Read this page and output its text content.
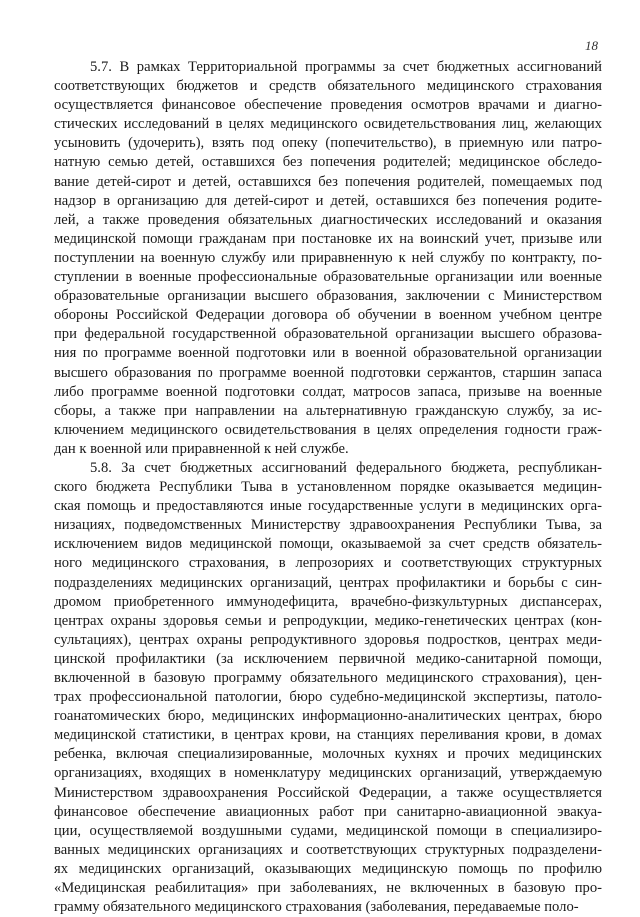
18
5.7. В рамках Территориальной программы за счет бюджетных ассигнований
соответствующих бюджетов и средств обязательного медицинского страхования
осуществляется финансовое обеспечение проведения осмотров врачами и диагно-
стических исследований в целях медицинского освидетельствования лиц, желающих
усыновить (удочерить), взять под опеку (попечительство), в приемную или патро-
натную семью детей, оставшихся без попечения родителей; медицинское обследо-
вание детей-сирот и детей, оставшихся без попечения родителей, помещаемых под
надзор в организацию для детей-сирот и детей, оставшихся без попечения родите-
лей, а также проведения обязательных диагностических исследований и оказания
медицинской помощи гражданам при постановке их на воинский учет, призыве или
поступлении на военную службу или приравненную к ней службу по контракту, по-
ступлении в военные профессиональные образовательные организации или военные
образовательные организации высшего образования, заключении с Министерством
обороны Российской Федерации договора об обучении в военном учебном центре
при федеральной государственной образовательной организации высшего образова-
ния по программе военной подготовки или в военной образовательной организации
высшего образования по программе военной подготовки сержантов, старшин запаса
либо программе военной подготовки солдат, матросов запаса, призыве на военные
сборы, а также при направлении на альтернативную гражданскую службу, за ис-
ключением медицинского освидетельствования в целях определения годности граж-
дан к военной или приравненной к ней службе.
5.8. За счет бюджетных ассигнований федерального бюджета, республикан-
ского бюджета Республики Тыва в установленном порядке оказывается медицин-
ская помощь и предоставляются иные государственные услуги в медицинских орга-
низациях, подведомственных Министерству здравоохранения Республики Тыва, за
исключением видов медицинской помощи, оказываемой за счет средств обязатель-
ного медицинского страхования, в лепрозориях и соответствующих структурных
подразделениях медицинских организаций, центрах профилактики и борьбы с син-
дромом приобретенного иммунодефицита, врачебно-физкультурных диспансерах,
центрах охраны здоровья семьи и репродукции, медико-генетических центрах (кон-
сультациях), центрах охраны репродуктивного здоровья подростков, центрах меди-
цинской профилактики (за исключением первичной медико-санитарной помощи,
включенной в базовую программу обязательного медицинского страхования), цен-
трах профессиональной патологии, бюро судебно-медицинской экспертизы, патоло-
гоанатомических бюро, медицинских информационно-аналитических центрах, бюро
медицинской статистики, в центрах крови, на станциях переливания крови, в домах
ребенка, включая специализированные, молочных кухнях и прочих медицинских
организациях, входящих в номенклатуру медицинских организаций, утверждаемую
Министерством здравоохранения Российской Федерации, а также осуществляется
финансовое обеспечение авиационных работ при санитарно-авиационной эвакуа-
ции, осуществляемой воздушными судами, медицинской помощи в специализиро-
ванных медицинских организациях и соответствующих структурных подразделени-
ях медицинских организаций, оказывающих медицинскую помощь по профилю
«Медицинская реабилитация» при заболеваниях, не включенных в базовую про-
грамму обязательного медицинского страхования (заболевания, передаваемые поло-
